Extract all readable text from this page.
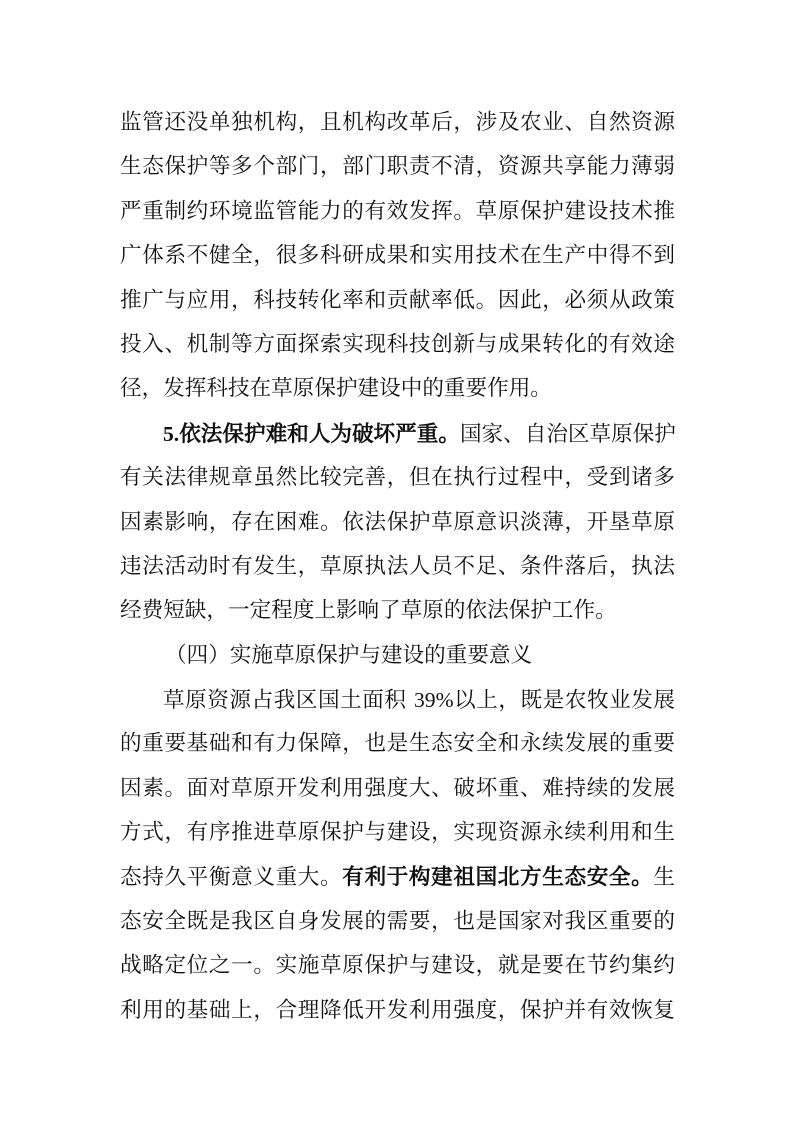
监管还没单独机构，且机构改革后，涉及农业、自然资源
生态保护等多个部门，部门职责不清，资源共享能力薄弱
严重制约环境监管能力的有效发挥。草原保护建设技术推
广体系不健全，很多科研成果和实用技术在生产中得不到
推广与应用，科技转化率和贡献率低。因此，必须从政策
投入、机制等方面探索实现科技创新与成果转化的有效途
径，发挥科技在草原保护建设中的重要作用。
5.依法保护难和人为破坏严重。国家、自治区草原保护
有关法律规章虽然比较完善，但在执行过程中，受到诸多
因素影响，存在困难。依法保护草原意识淡薄，开垦草原
违法活动时有发生，草原执法人员不足、条件落后，执法
经费短缺，一定程度上影响了草原的依法保护工作。
（四）实施草原保护与建设的重要意义
草原资源占我区国土面积 39%以上，既是农牧业发展
的重要基础和有力保障，也是生态安全和永续发展的重要
因素。面对草原开发利用强度大、破坏重、难持续的发展
方式，有序推进草原保护与建设，实现资源永续利用和生
态持久平衡意义重大。有利于构建祖国北方生态安全。生
态安全既是我区自身发展的需要，也是国家对我区重要的
战略定位之一。实施草原保护与建设，就是要在节约集约
利用的基础上，合理降低开发利用强度，保护并有效恢复
